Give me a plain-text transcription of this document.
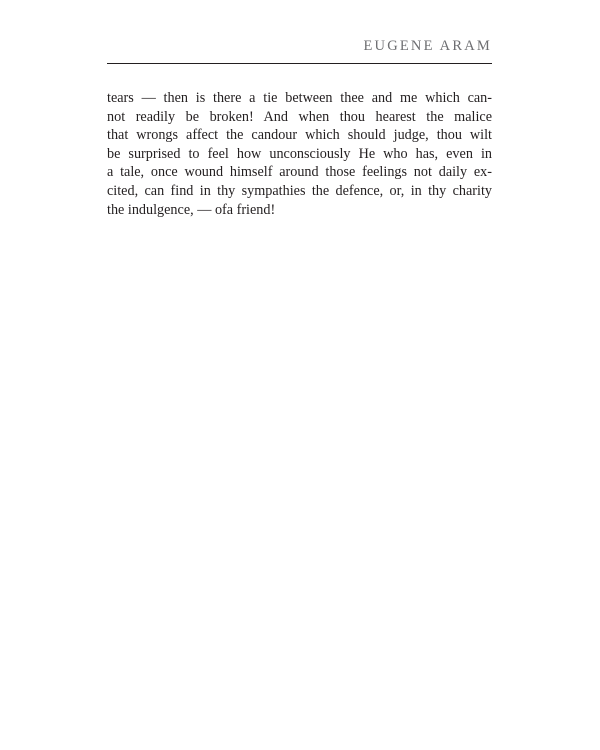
EUGENE ARAM
tears — then is there a tie between thee and me which can-
not readily be broken! And when thou hearest the malice
that wrongs affect the candour which should judge, thou wilt
be surprised to feel how unconsciously He who has, even in
a tale, once wound himself around those feelings not daily ex-
cited, can find in thy sympathies the defence, or, in thy charity
the indulgence, — ofa friend!
